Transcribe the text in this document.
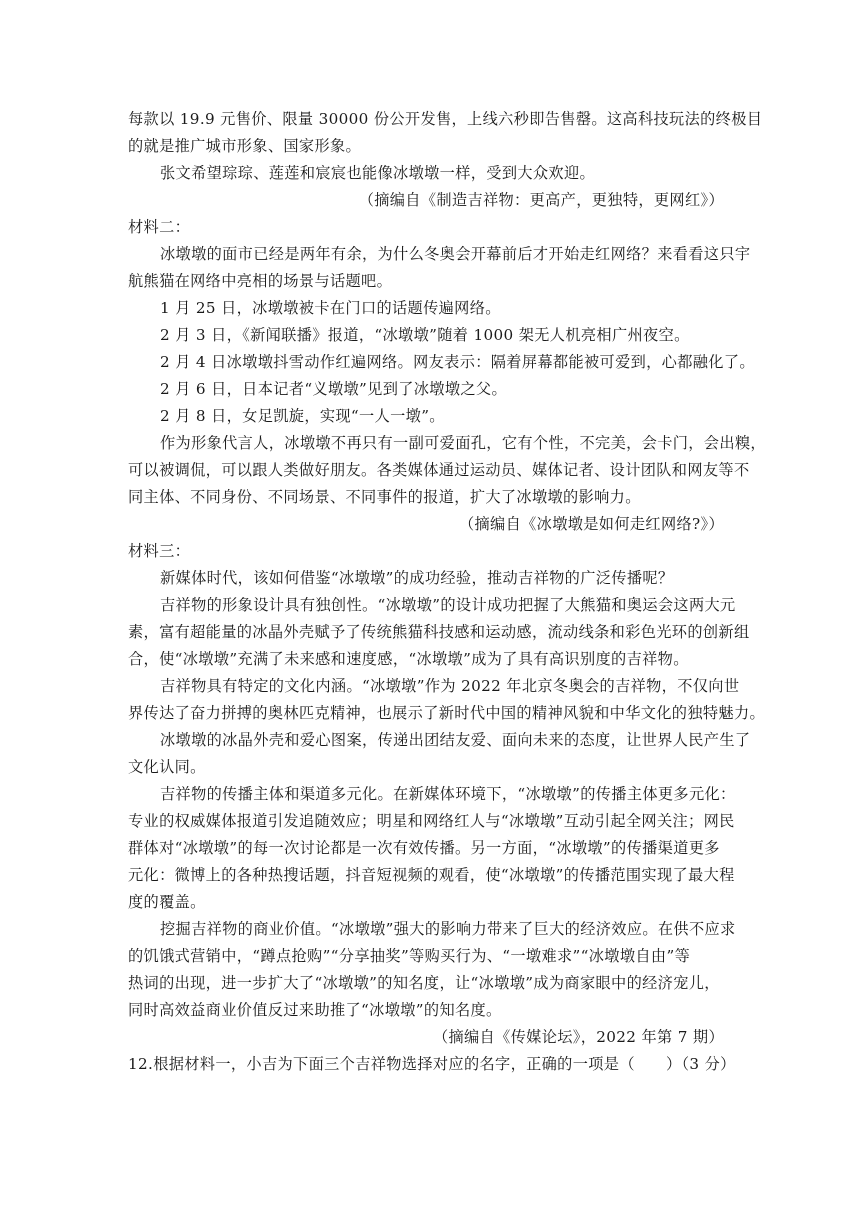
每款以 19.9 元售价、限量 30000 份公开发售，上线六秒即告售罄。这高科技玩法的终极目
的就是推广城市形象、国家形象。
张文希望琮琮、莲莲和宸宸也能像冰墩墩一样，受到大众欢迎。
（摘编自《制造吉祥物：更高产，更独特，更网红》）
材料二：
冰墩墩的面市已经是两年有余，为什么冬奥会开幕前后才开始走红网络？来看看这只宇
航熊猫在网络中亮相的场景与话题吧。
1 月 25 日，冰墩墩被卡在门口的话题传遍网络。
2 月 3 日，《新闻联播》报道，“冰墩墩”随着 1000 架无人机亮相广州夜空。
2 月 4 日冰墩墩抖雪动作红遍网络。网友表示：隔着屏幕都能被可爱到，心都融化了。
2 月 6 日，日本记者“义墩墩”见到了冰墩墩之父。
2 月 8 日，女足凯旋，实现“一人一墩”。
作为形象代言人，冰墩墩不再只有一副可爱面孔，它有个性，不完美，会卡门，会出糗，
可以被调侃，可以跟人类做好朋友。各类媒体通过运动员、媒体记者、设计团队和网友等不
同主体、不同身份、不同场景、不同事件的报道，扩大了冰墩墩的影响力。
（摘编自《冰墩墩是如何走红网络?》）
材料三：
新媒体时代，该如何借鉴“冰墩墩”的成功经验，推动吉祥物的广泛传播呢？
吉祥物的形象设计具有独创性。“冰墩墩”的设计成功把握了大熊猫和奥运会这两大元
素，富有超能量的冰晶外壳赋予了传统熊猫科技感和运动感，流动线条和彩色光环的创新组
合，使“冰墩墩”充满了未来感和速度感，“冰墩墩”成为了具有高识别度的吉祥物。
吉祥物具有特定的文化内涵。“冰墩墩”作为 2022 年北京冬奥会的吉祥物，不仅向世
界传达了奋力拼搏的奥林匹克精神，也展示了新时代中国的精神风貌和中华文化的独特魅力。
冰墩墩的冰晶外壳和爱心图案，传递出团结友爱、面向未来的态度，让世界人民产生了
文化认同。
吉祥物的传播主体和渠道多元化。在新媒体环境下，“冰墩墩”的传播主体更多元化：
专业的权威媒体报道引发追随效应；明星和网络红人与“冰墩墩”互动引起全网关注；网民
群体对“冰墩墩”的每一次讨论都是一次有效传播。另一方面，“冰墩墩”的传播渠道更多
元化：微博上的各种热搜话题，抖音短视频的观看，使“冰墩墩”的传播范围实现了最大程
度的覆盖。
挖掘吉祥物的商业价值。“冰墩墩”强大的影响力带来了巨大的经济效应。在供不应求
的饥饿式营销中，“蹲点抢购”“分享抽奖”等购买行为、“一墩难求”“冰墩墩自由”等
热词的出现，进一步扩大了“冰墩墩”的知名度，让“冰墩墩”成为商家眼中的经济宠儿，
同时高效益商业价值反过来助推了“冰墩墩”的知名度。
（摘编自《传媒论坛》，2022 年第 7 期）
12.根据材料一，小吉为下面三个吉祥物选择对应的名字，正确的一项是（　　）（3 分）
